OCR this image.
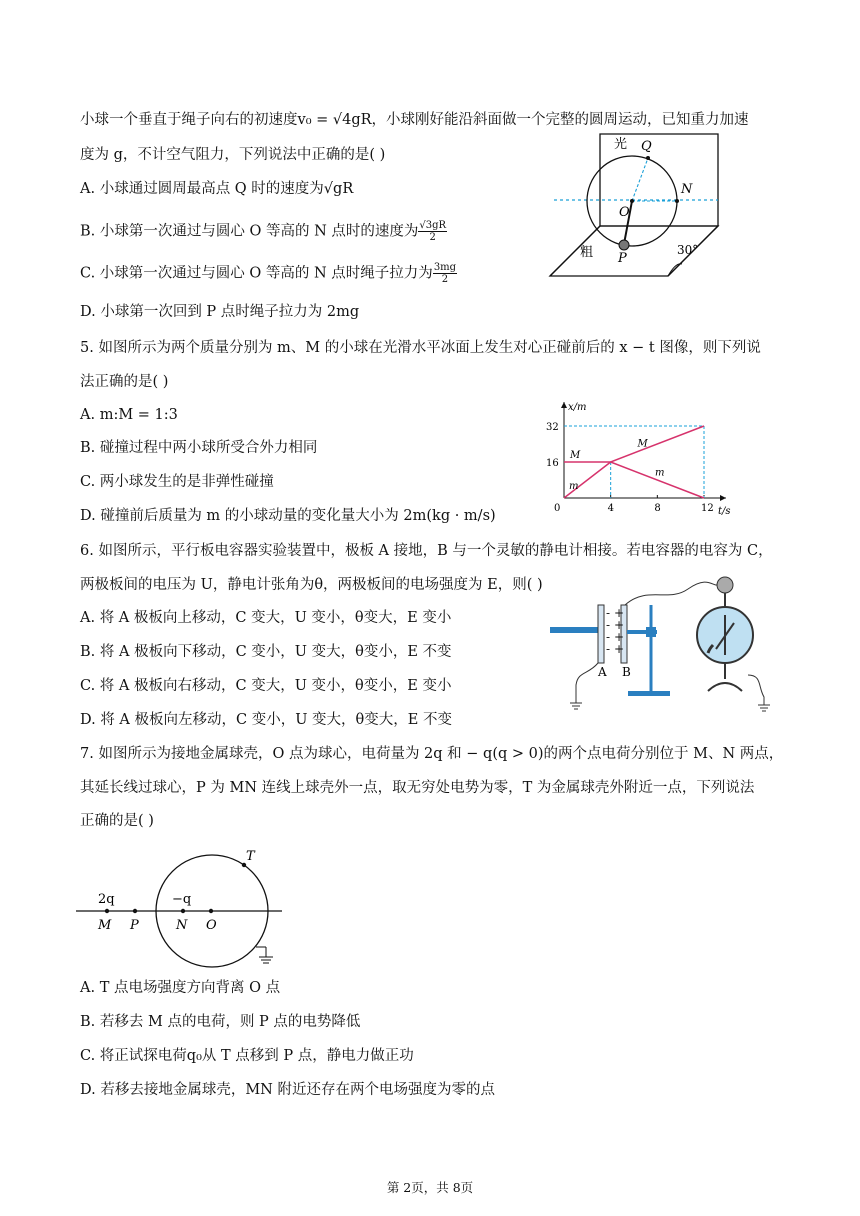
小球一个垂直于绳子向右的初速度v₀ = √4gR，小球刚好能沿斜面做一个完整的圆周运动，已知重力加速
度为 g，不计空气阻力，下列说法中正确的是( )
A. 小球通过圆周最高点 Q 时的速度为√gR
B. 小球第一次通过与圆心 O 等高的 N 点时的速度为 $\frac{√3gR}{2}$
C. 小球第一次通过与圆心 O 等高的 N 点时绳子拉力为 $\frac{3mg}{2}$
D. 小球第一次回到 P 点时绳子拉力为 2mg
光 Q
N
O
粗 P
30°
5. 如图所示为两个质量分别为 m、M 的小球在光滑水平冰面上发生对心正碰前后的 x − t 图像，则下列说
法正确的是( )
A. m:M = 1:3
B. 碰撞过程中两小球所受合外力相同
C. 两小球发生的是非弹性碰撞
D. 碰撞前后质量为 m 的小球动量的变化量大小为 2m(kg · m/s)
x/m
t/s
0	4	8	12
16
32
M
M
m
m
6. 如图所示，平行板电容器实验装置中，极板 A 接地，B 与一个灵敏的静电计相接。若电容器的电容为 C，
两极板间的电压为 U，静电计张角为θ，两极板间的电场强度为 E，则( )
A. 将 A 极板向上移动，C 变大，U 变小，θ变大，E 变小
B. 将 A 极板向下移动，C 变小，U 变大，θ变小，E 不变
C. 将 A 极板向右移动，C 变大，U 变小，θ变小，E 变小
D. 将 A 极板向左移动，C 变小，U 变大，θ变大，E 不变
-
-
-
-
+
+
+
+
A B
7. 如图所示为接地金属球壳，O 点为球心，电荷量为 2q 和 − q(q > 0)的两个点电荷分别位于 M、N 两点，
其延长线过球心，P 为 MN 连线上球壳外一点，取无穷处电势为零，T 为金属球壳外附近一点，下列说法
正确的是( )
T
2q	−q
M P	N O
A. T 点电场强度方向背离 O 点
B. 若移去 M 点的电荷，则 P 点的电势降低
C. 将正试探电荷q₀从 T 点移到 P 点，静电力做正功
D. 若移去接地金属球壳，MN 附近还存在两个电场强度为零的点
第 2页，共 8页
